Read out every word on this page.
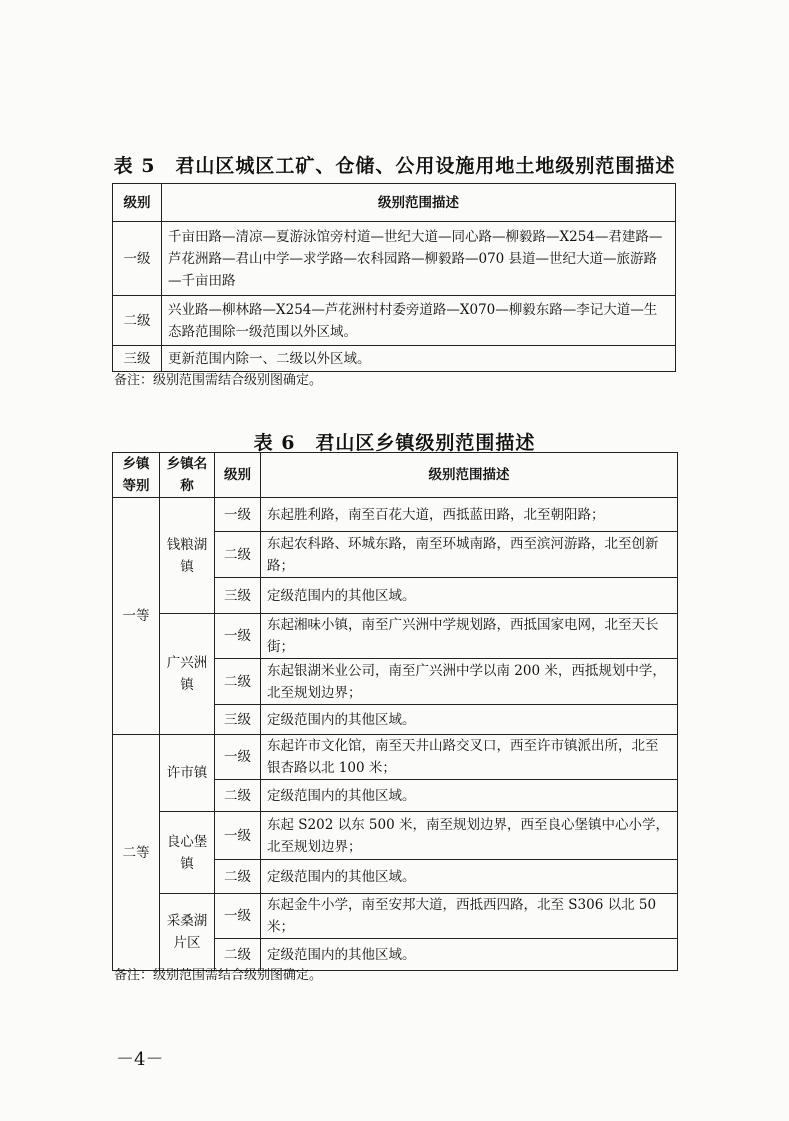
表 5　君山区城区工矿、仓储、公用设施用地土地级别范围描述
级别	级别范围描述
一级	千亩田路—清凉—夏游泳馆旁村道—世纪大道—同心路—柳毅路—X254—君建路—芦花洲路—君山中学—求学路—农科园路—柳毅路—070 县道—世纪大道—旅游路—千亩田路
二级	兴业路—柳林路—X254—芦花洲村村委旁道路—X070—柳毅东路—李记大道—生态路范围除一级范围以外区域。
三级	更新范围内除一、二级以外区域。
备注：级别范围需结合级别图确定。
表 6　君山区乡镇级别范围描述
乡镇等别	乡镇名称	级别	级别范围描述
一等	钱粮湖镇	一级	东起胜利路，南至百花大道，西抵蓝田路，北至朝阳路；
		二级	东起农科路、环城东路，南至环城南路，西至滨河游路，北至创新路；
		三级	定级范围内的其他区域。
	广兴洲镇	一级	东起湘味小镇，南至广兴洲中学规划路，西抵国家电网，北至天长街；
		二级	东起银湖米业公司，南至广兴洲中学以南 200 米，西抵规划中学，北至规划边界；
		三级	定级范围内的其他区域。
二等	许市镇	一级	东起许市文化馆，南至天井山路交叉口，西至许市镇派出所，北至银杏路以北 100 米；
		二级	定级范围内的其他区域。
	良心堡镇	一级	东起 S202 以东 500 米，南至规划边界，西至良心堡镇中心小学，北至规划边界；
		二级	定级范围内的其他区域。
	采桑湖片区	一级	东起金牛小学，南至安邦大道，西抵西四路，北至 S306 以北 50 米；
		二级	定级范围内的其他区域。
备注：级别范围需结合级别图确定。
－4－
